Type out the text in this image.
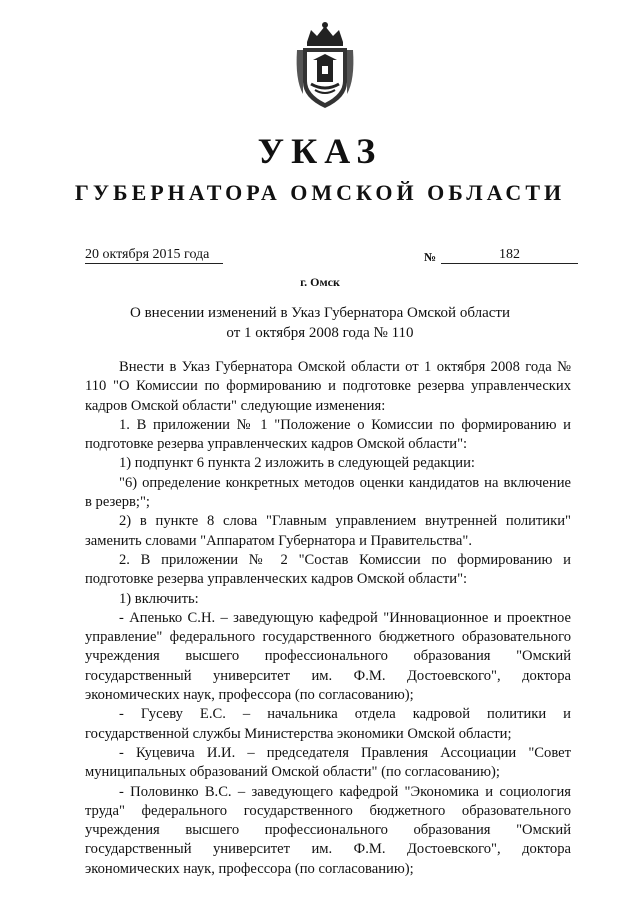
УКАЗ
ГУБЕРНАТОРА ОМСКОЙ ОБЛАСТИ
20 октября 2015 года	№	182
г. Омск
О внесении изменений в Указ Губернатора Омской области
от 1 октября 2008 года № 110

Внести в Указ Губернатора Омской области от 1 октября 2008 года № 110 "О Комиссии по формированию и подготовке резерва управленческих кадров Омской области" следующие изменения:

1. В приложении № 1 "Положение о Комиссии по формированию и подготовке резерва управленческих кадров Омской области":

1) подпункт 6 пункта 2 изложить в следующей редакции:

"6) определение конкретных методов оценки кандидатов на включение в резерв;";

2) в пункте 8 слова "Главным управлением внутренней политики" заменить словами "Аппаратом Губернатора и Правительства".

2. В приложении № 2 "Состав Комиссии по формированию и подготовке резерва управленческих кадров Омской области":

1) включить:

- Апенько С.Н. – заведующую кафедрой "Инновационное и проектное управление" федерального государственного бюджетного образовательного учреждения высшего профессионального образования "Омский государственный университет им. Ф.М. Достоевского", доктора экономических наук, профессора (по согласованию);

- Гусеву Е.С. – начальника отдела кадровой политики и государственной службы Министерства экономики Омской области;

- Куцевича И.И. – председателя Правления Ассоциации "Совет муниципальных образований Омской области" (по согласованию);

- Половинко В.С. – заведующего кафедрой "Экономика и социология труда" федерального государственного бюджетного образовательного учреждения высшего профессионального образования "Омский государственный университет им. Ф.М. Достоевского", доктора экономических наук, профессора (по согласованию);
